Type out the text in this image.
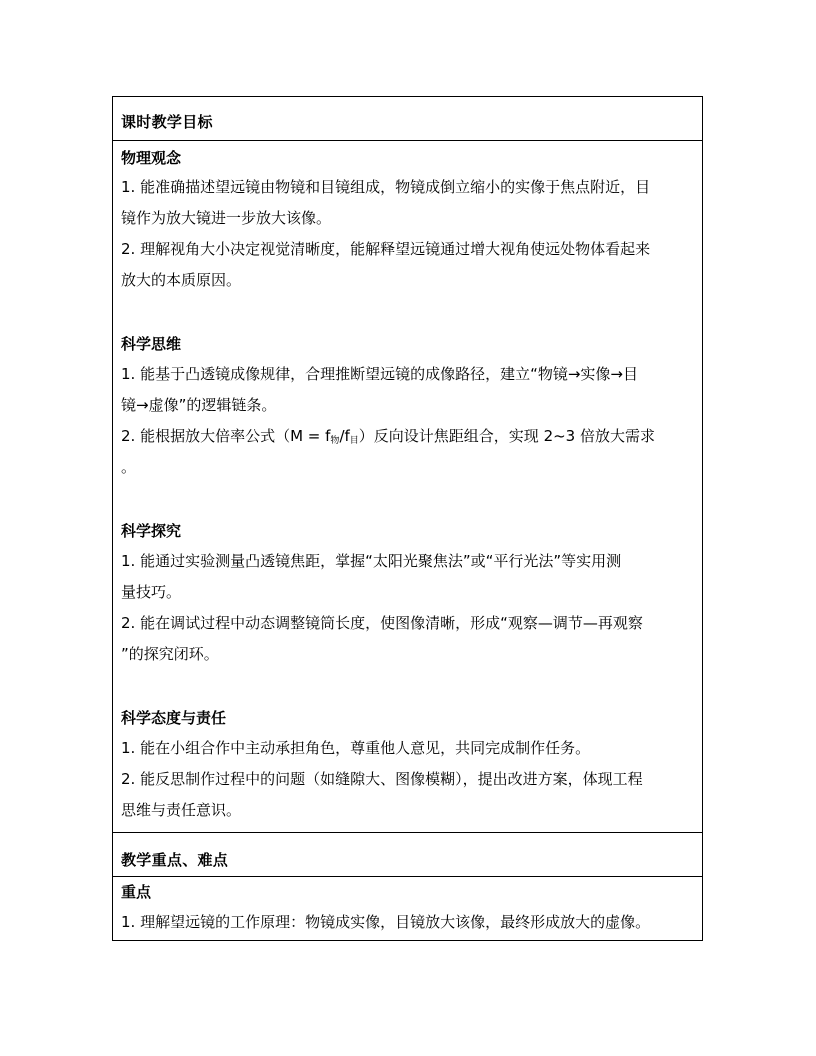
课时教学目标
物理观念
1. 能准确描述望远镜由物镜和目镜组成，物镜成倒立缩小的实像于焦点附近，目
镜作为放大镜进一步放大该像。
2. 理解视角大小决定视觉清晰度，能解释望远镜通过增大视角使远处物体看起来
放大的本质原因。
科学思维
1. 能基于凸透镜成像规律，合理推断望远镜的成像路径，建立“物镜→实像→目
镜→虚像”的逻辑链条。
2. 能根据放大倍率公式$(M = f_物/f_目)$反向设计焦距组合，实现 2~3 倍放大需求
。
科学探究
1. 能通过实验测量凸透镜焦距，掌握“太阳光聚焦法”或“平行光法”等实用测
量技巧。
2. 能在调试过程中动态调整镜筒长度，使图像清晰，形成“观察—调节—再观察
”的探究闭环。
科学态度与责任
1. 能在小组合作中主动承担角色，尊重他人意见，共同完成制作任务。
2. 能反思制作过程中的问题（如缝隙大、图像模糊），提出改进方案，体现工程
思维与责任意识。
教学重点、难点
重点
1. 理解望远镜的工作原理：物镜成实像，目镜放大该像，最终形成放大的虚像。
